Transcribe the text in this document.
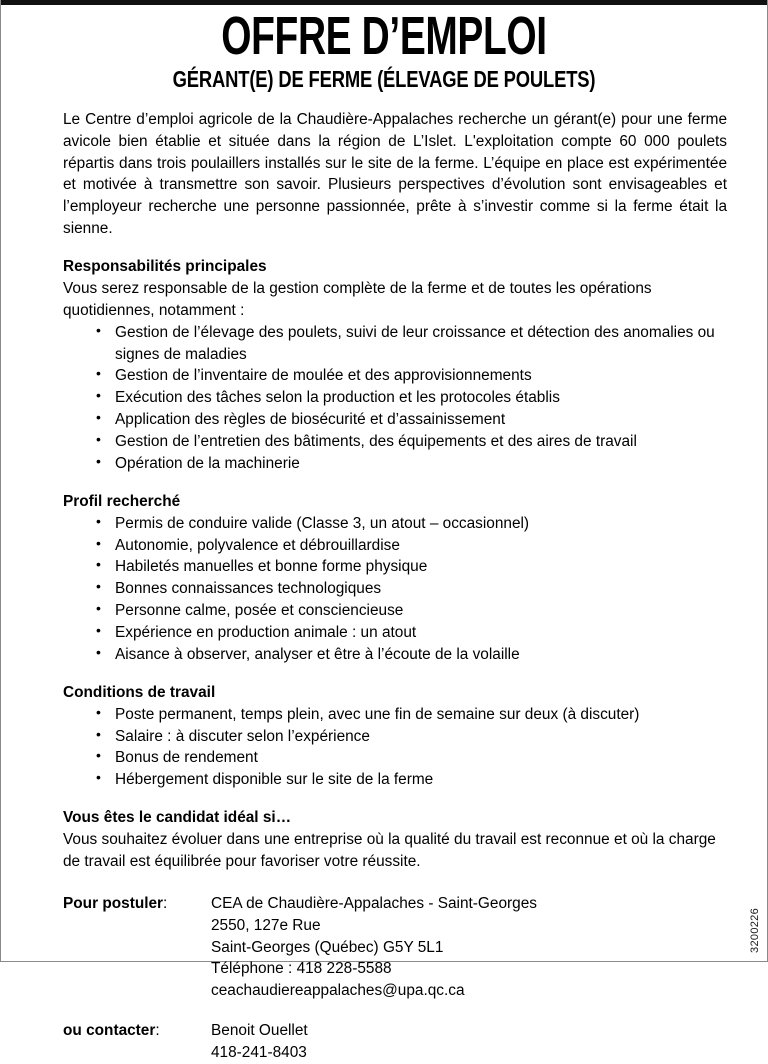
OFFRE D’EMPLOI
GÉRANT(E) DE FERME (ÉLEVAGE DE POULETS)

Le Centre d’emploi agricole de la Chaudière-Appalaches recherche un gérant(e) pour une ferme avicole bien établie et située dans la région de L’Islet. L'exploitation compte 60 000 poulets répartis dans trois poulaillers installés sur le site de la ferme. L’équipe en place est expérimentée et motivée à transmettre son savoir. Plusieurs perspectives d’évolution sont envisageables et l’employeur recherche une personne passionnée, prête à s’investir comme si la ferme était la sienne.

Responsabilités principales
Vous serez responsable de la gestion complète de la ferme et de toutes les opérations quotidiennes, notamment :
• Gestion de l’élevage des poulets, suivi de leur croissance et détection des anomalies ou signes de maladies
• Gestion de l’inventaire de moulée et des approvisionnements
• Exécution des tâches selon la production et les protocoles établis
• Application des règles de biosécurité et d’assainissement
• Gestion de l’entretien des bâtiments, des équipements et des aires de travail
• Opération de la machinerie
Profil recherché
• Permis de conduire valide (Classe 3, un atout – occasionnel)
• Autonomie, polyvalence et débrouillardise
• Habiletés manuelles et bonne forme physique
• Bonnes connaissances technologiques
• Personne calme, posée et consciencieuse
• Expérience en production animale : un atout
• Aisance à observer, analyser et être à l’écoute de la volaille
Conditions de travail
• Poste permanent, temps plein, avec une fin de semaine sur deux (à discuter)
• Salaire : à discuter selon l’expérience
• Bonus de rendement
• Hébergement disponible sur le site de la ferme
Vous êtes le candidat idéal si…
Vous souhaitez évoluer dans une entreprise où la qualité du travail est reconnue et où la charge de travail est équilibrée pour favoriser votre réussite.
Pour postuler:	CEA de Chaudière-Appalaches - Saint-Georges
2550, 127e Rue
Saint-Georges (Québec) G5Y 5L1
Téléphone : 418 228-5588
ceachaudiereappalaches@upa.qc.ca
ou contacter:	Benoit Ouellet
418-241-8403
3200226
